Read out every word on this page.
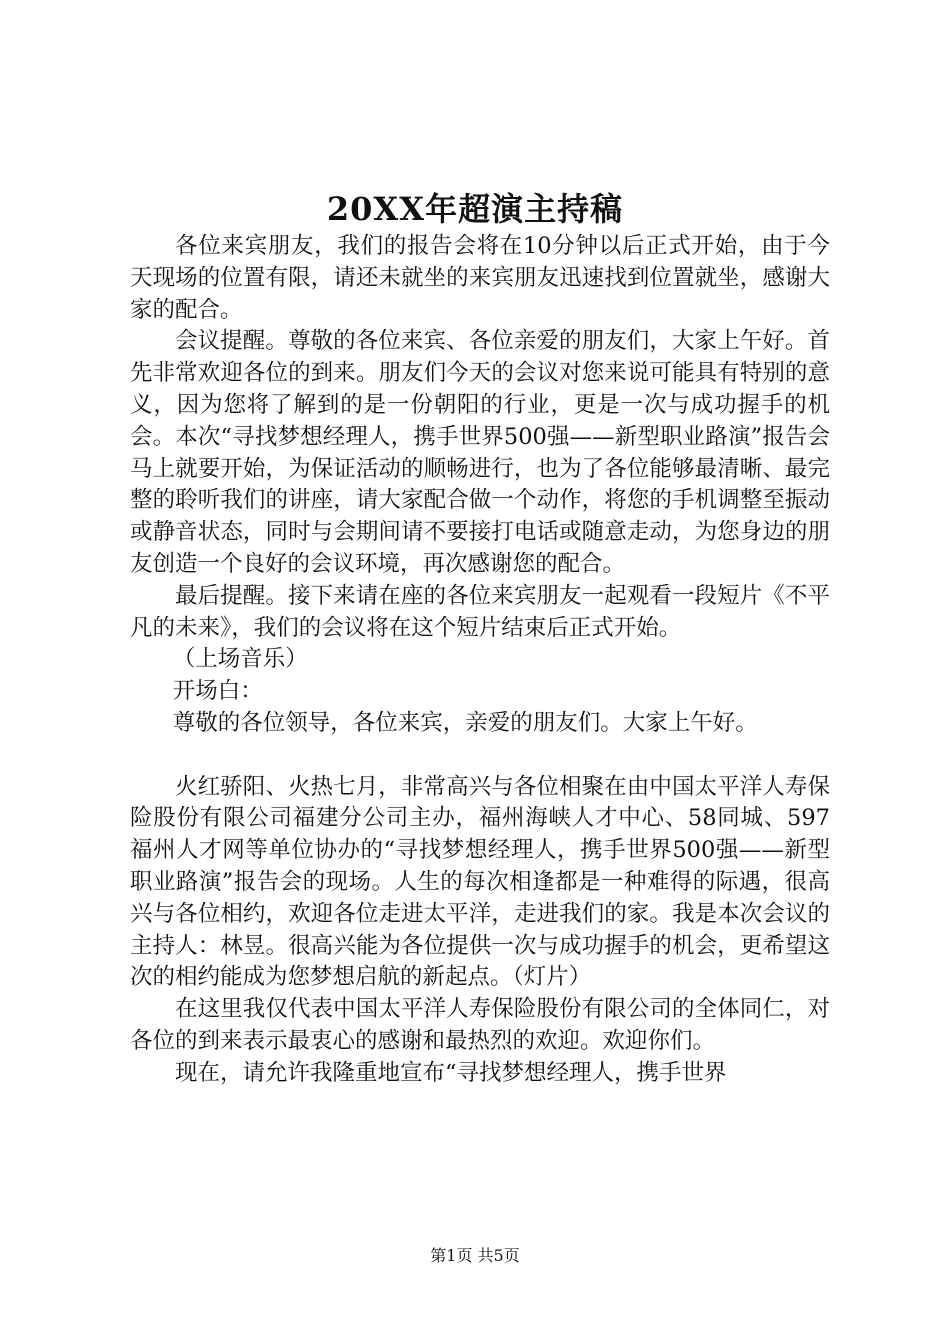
20XX年超演主持稿

各位来宾朋友，我们的报告会将在10分钟以后正式开始，由于今天现场的位置有限，请还未就坐的来宾朋友迅速找到位置就坐，感谢大家的配合。

会议提醒。尊敬的各位来宾、各位亲爱的朋友们，大家上午好。首先非常欢迎各位的到来。朋友们今天的会议对您来说可能具有特别的意义，因为您将了解到的是一份朝阳的行业，更是一次与成功握手的机会。本次“寻找梦想经理人，携手世界500强——新型职业路演”报告会马上就要开始，为保证活动的顺畅进行，也为了各位能够最清晰、最完整的聆听我们的讲座，请大家配合做一个动作，将您的手机调整至振动或静音状态，同时与会期间请不要接打电话或随意走动，为您身边的朋友创造一个良好的会议环境，再次感谢您的配合。

最后提醒。接下来请在座的各位来宾朋友一起观看一段短片《不平凡的未来》，我们的会议将在这个短片结束后正式开始。

（上场音乐）

开场白：

尊敬的各位领导，各位来宾，亲爱的朋友们。大家上午好。

火红骄阳、火热七月，非常高兴与各位相聚在由中国太平洋人寿保险股份有限公司福建分公司主办，福州海峡人才中心、58同城、597福州人才网等单位协办的“寻找梦想经理人，携手世界500强——新型职业路演”报告会的现场。人生的每次相逢都是一种难得的际遇，很高兴与各位相约，欢迎各位走进太平洋，走进我们的家。我是本次会议的主持人：林昱。很高兴能为各位提供一次与成功握手的机会，更希望这次的相约能成为您梦想启航的新起点。（灯片）

在这里我仅代表中国太平洋人寿保险股份有限公司的全体同仁，对各位的到来表示最衷心的感谢和最热烈的欢迎。欢迎你们。

现在，请允许我隆重地宣布“寻找梦想经理人，携手世界

第1页 共5页
